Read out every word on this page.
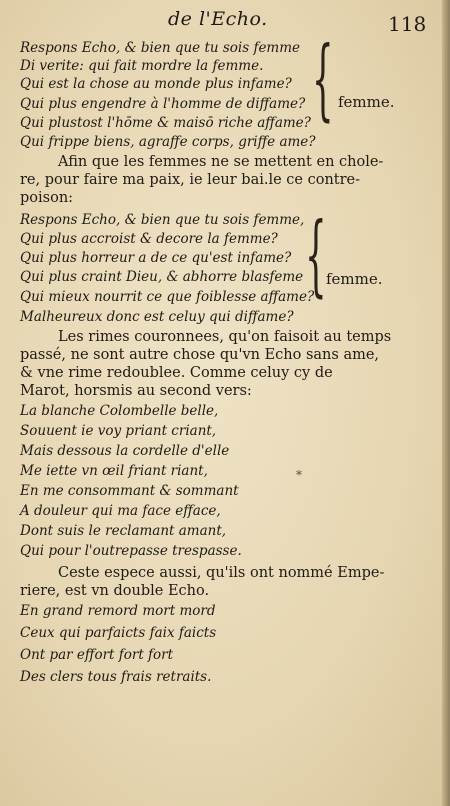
de l'Echo.	118
Respons Echo, & bien que tu sois femme
Di verite: qui fait mordre la femme.
Qui est la chose au monde plus infame?
Qui plus engendre à l'homme de diffame?
Qui plustost l'hōme & maisō riche affame?
Qui frippe biens, agraffe corps, griffe ame?
{ femme.
Afin que les femmes ne se mettent en chole-
re, pour faire ma paix, ie leur bai.le ce contre-
poison:
Respons Echo, & bien que tu sois femme,
Qui plus accroist & decore la femme?
Qui plus horreur a de ce qu'est infame?
Qui plus craint Dieu, & abhorre blasfeme
Qui mieux nourrit ce que foiblesse affame?
Malheureux donc est celuy qui diffame?
{ femme.
Les rimes couronnees, qu'on faisoit au temps
passé, ne sont autre chose qu'vn Echo sans ame,
& vne rime redoublee. Comme celuy cy de
Marot, horsmis au second vers:
La blanche Colombelle belle,
Souuent ie voy priant criant,
Mais dessous la cordelle d'elle
Me iette vn œil friant riant,
En me consommant & sommant
A douleur qui ma face efface,
Dont suis le reclamant amant,
Qui pour l'outrepasse trespasse.
*
Ceste espece aussi, qu'ils ont nommé Empe-
riere, est vn double Echo.
En grand remord mort mord
Ceux qui parfaicts faix faicts
Ont par effort fort fort
Des clers tous frais retraits.
